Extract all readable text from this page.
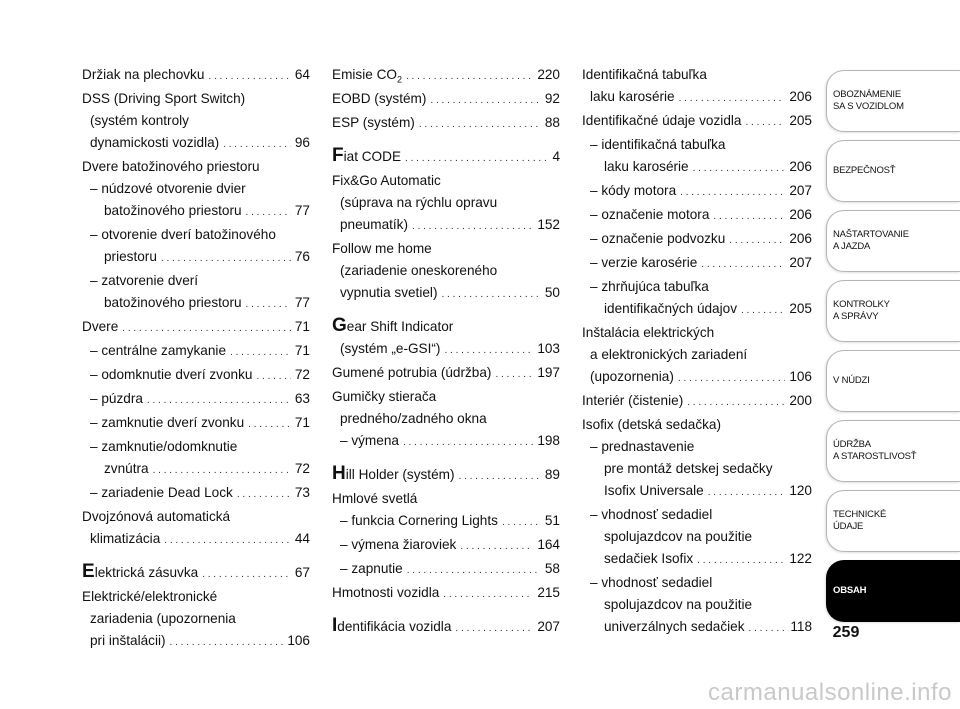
Držiak na plechovku . . .	64
DSS (Driving Sport Switch)
(systém kontroly
dynamickosti vozidla) . . .	96
Dvere batožinového priestoru
– núdzové otvorenie dvier
batožinového priestoru . . .	77
– otvorenie dverí batožinového
priestoru . . .	76
– zatvorenie dverí
batožinového priestoru . . .	77
Dvere . . .	71
– centrálne zamykanie . . .	71
– odomknutie dverí zvonku . . .	72
– púzdra . . .	63
– zamknutie dverí zvonku . . .	71
– zamknutie/odomknutie
zvnútra . . .	72
– zariadenie Dead Lock . . .	73
Dvojzónová automatická
klimatizácia . . .	44
Elektrická zásuvka . . .	67
Elektrické/elektronické
zariadenia (upozornenia
pri inštalácii) . . .	106
Emisie $CO_2$ . . .	220
EOBD (systém) . . .	92
ESP (systém) . . .	88
Fiat CODE . . .	4
Fix&Go Automatic
(súprava na rýchlu opravu
pneumatík) . . .	152
Follow me home
(zariadenie oneskoreného
vypnutia svetiel) . . .	50
Gear Shift Indicator
(systém „e-GSI“) . . .	103
Gumené potrubia (údržba) . . .	197
Gumičky stierača
predného/zadného okna
– výmena . . .	198
Hill Holder (systém) . . .	89
Hmlové svetlá
– funkcia Cornering Lights . . .	51
– výmena žiaroviek . . .	164
– zapnutie . . .	58
Hmotnosti vozidla . . .	215
Identifikácia vozidla . . .	207
Identifikačná tabuľka
laku karosérie . . .	206
Identifikačné údaje vozidla . . .	205
– identifikačná tabuľka
laku karosérie . . .	206
– kódy motora . . .	207
– označenie motora . . .	206
– označenie podvozku . . .	206
– verzie karosérie . . .	207
– zhrňujúca tabuľka
identifikačných údajov . . .	205
Inštalácia elektrických
a elektronických zariadení
(upozornenia) . . .	106
Interiér (čistenie) . . .	200
Isofix (detská sedačka)
– prednastavenie
pre montáž detskej sedačky
Isofix Universale . . .	120
– vhodnosť sedadiel
spolujazdcov na použitie
sedačiek Isofix . . .	122
– vhodnosť sedadiel
spolujazdcov na použitie
univerzálnych sedačiek . . .	118
OBOZNÁMENIE
SA S VOZIDLOM
BEZPEČNOSŤ
NAŠTARTOVANIE
A JAZDA
KONTROLKY
A SPRÁVY
V NÚDZI
ÚDRŽBA
A STAROSTLIVOSŤ
TECHNICKÉ
ÚDAJE
OBSAH
259
carmanualsonline.info
